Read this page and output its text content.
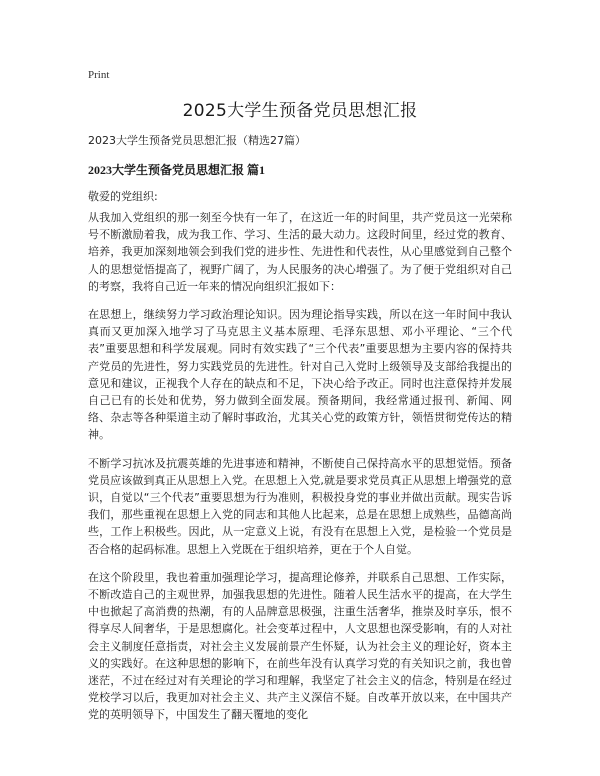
Print
2025大学生预备党员思想汇报
2023大学生预备党员思想汇报（精选27篇）
2023大学生预备党员思想汇报 篇1
敬爱的党组织:

从我加入党组织的那一刻至今快有一年了，在这近一年的时间里，共产党员这一光荣称号不断激励着我，成为我工作、学习、生活的最大动力。这段时间里，经过党的教育、培养，我更加深刻地领会到我们党的进步性、先进性和代表性，从心里感觉到自己整个人的思想觉悟提高了，视野广阔了，为人民服务的决心增强了。为了便于党组织对自己的考察，我将自己近一年来的情况向组织汇报如下：

在思想上，继续努力学习政治理论知识。因为理论指导实践，所以在这一年时间中我认真而又更加深入地学习了马克思主义基本原理、毛泽东思想、邓小平理论、“三个代表”重要思想和科学发展观。同时有效实践了“三个代表”重要思想为主要内容的保持共产党员的先进性，努力实践党员的先进性。针对自己入党时上级领导及支部给我提出的意见和建议，正视我个人存在的缺点和不足，下决心给予改正。同时也注意保持并发展自己已有的长处和优势，努力做到全面发展。预备期间，我经常通过报刊、新闻、网络、杂志等各种渠道主动了解时事政治，尤其关心党的政策方针，领悟贯彻党传达的精神。

不断学习抗冰及抗震英雄的先进事迹和精神，不断使自己保持高水平的思想觉悟。预备党员应该做到真正从思想上入党。在思想上入党,就是要求党员真正从思想上增强党的意识，自觉以“三个代表”重要思想为行为准则，积极投身党的事业并做出贡献。现实告诉我们，那些重视在思想上入党的同志和其他人比起来，总是在思想上成熟些，品德高尚些，工作上积极些。因此，从一定意义上说，有没有在思想上入党，是检验一个党员是否合格的起码标准。思想上入党既在于组织培养，更在于个人自觉。

在这个阶段里，我也着重加强理论学习，提高理论修养，并联系自己思想、工作实际，不断改造自己的主观世界，加强我思想的先进性。随着人民生活水平的提高，在大学生中也掀起了高消费的热潮，有的人品牌意思极强，注重生活奢华，推崇及时享乐，恨不得享尽人间奢华，于是思想腐化。社会变革过程中，人文思想也深受影响，有的人对社会主义制度任意指责，对社会主义发展前景产生怀疑，认为社会主义的理论好，资本主义的实践好。在这种思想的影响下，在前些年没有认真学习党的有关知识之前，我也曾迷茫，不过在经过对有关理论的学习和理解，我坚定了社会主义的信念，特别是在经过党校学习以后，我更加对社会主义、共产主义深信不疑。自改革开放以来，在中国共产党的英明领导下，中国发生了翻天覆地的变化
